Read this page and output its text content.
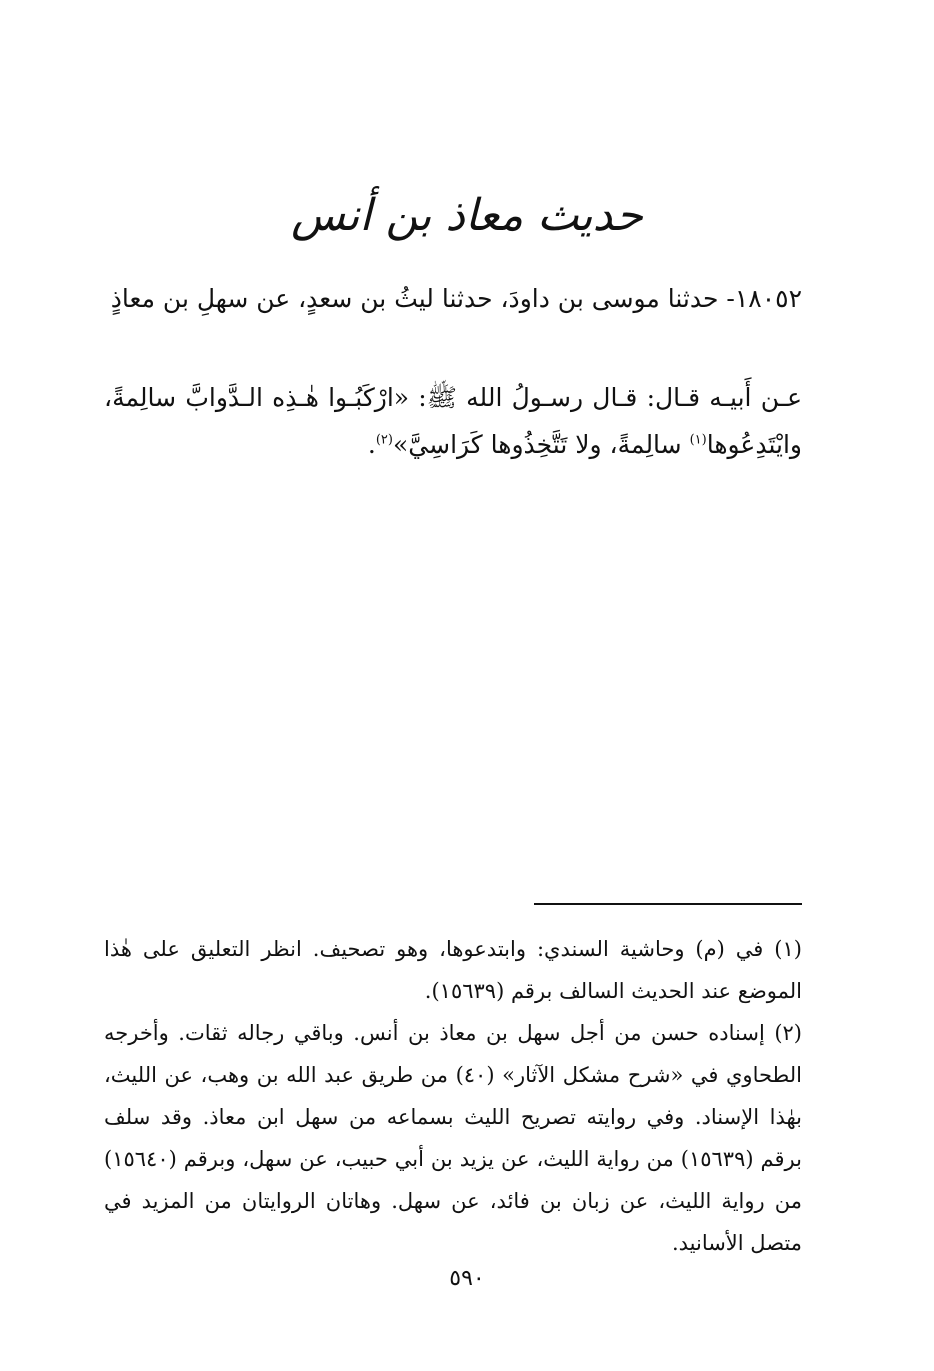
حديث معاذ بن أنس
١٨٠٥٢- حدثنا موسى بن داودَ، حدثنا ليثُ بن سعدٍ، عن سهلِ بن معاذٍ
عـن أَبيـه قـال: قـال رسـولُ الله ﷺ: «ارْكَبُـوا هٰـذِه الـدَّوابَّ سالِمةً، وايْتَدِعُوها$^{(١)}$ سالِمةً، ولا تَتَّخِذُوها كَرَاسِيَّ»$^{(٢)}$.

(١) في (م) وحاشية السندي: وابتدعوها، وهو تصحيف. انظر التعليق على هٰذا الموضع عند الحديث السالف برقم (١٥٦٣٩).

(٢) إسناده حسن من أجل سهل بن معاذ بن أنس. وباقي رجاله ثقات. وأخرجه الطحاوي في «شرح مشكل الآثار» (٤٠) من طريق عبد الله بن وهب، عن الليث، بهٰذا الإسناد. وفي روايته تصريح الليث بسماعه من سهل ابن معاذ. وقد سلف برقم (١٥٦٣٩) من رواية الليث، عن يزيد بن أبي حبيب، عن سهل، وبرقم (١٥٦٤٠) من رواية الليث، عن زبان بن فائد، عن سهل. وهاتان الروايتان من المزيد في متصل الأسانيد.

٥٩٠
